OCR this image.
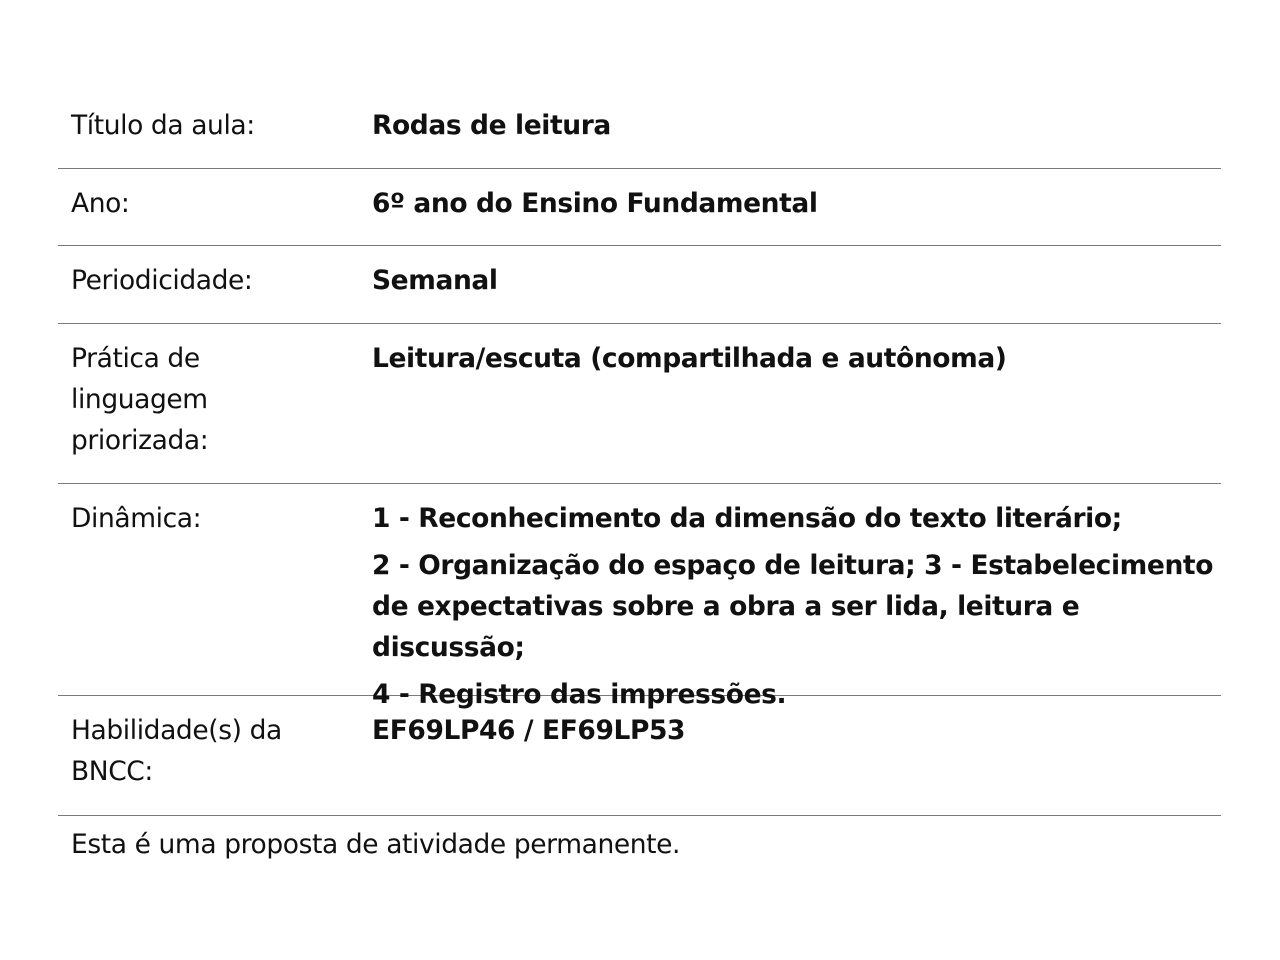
Título da aula:	Rodas de leitura
Ano:	6º ano do Ensino Fundamental
Periodicidade:	Semanal
Prática de linguagem priorizada:
Leitura/escuta (compartilhada e autônoma)
Dinâmica:	1 - Reconhecimento da dimensão do texto literário;

2 - Organização do espaço de leitura; 3 - Estabelecimento de expectativas sobre a obra a ser lida, leitura e discussão;

4 - Registro das impressões.

Habilidade(s) da BNCC:
EF69LP46 / EF69LP53
Esta é uma proposta de atividade permanente.
